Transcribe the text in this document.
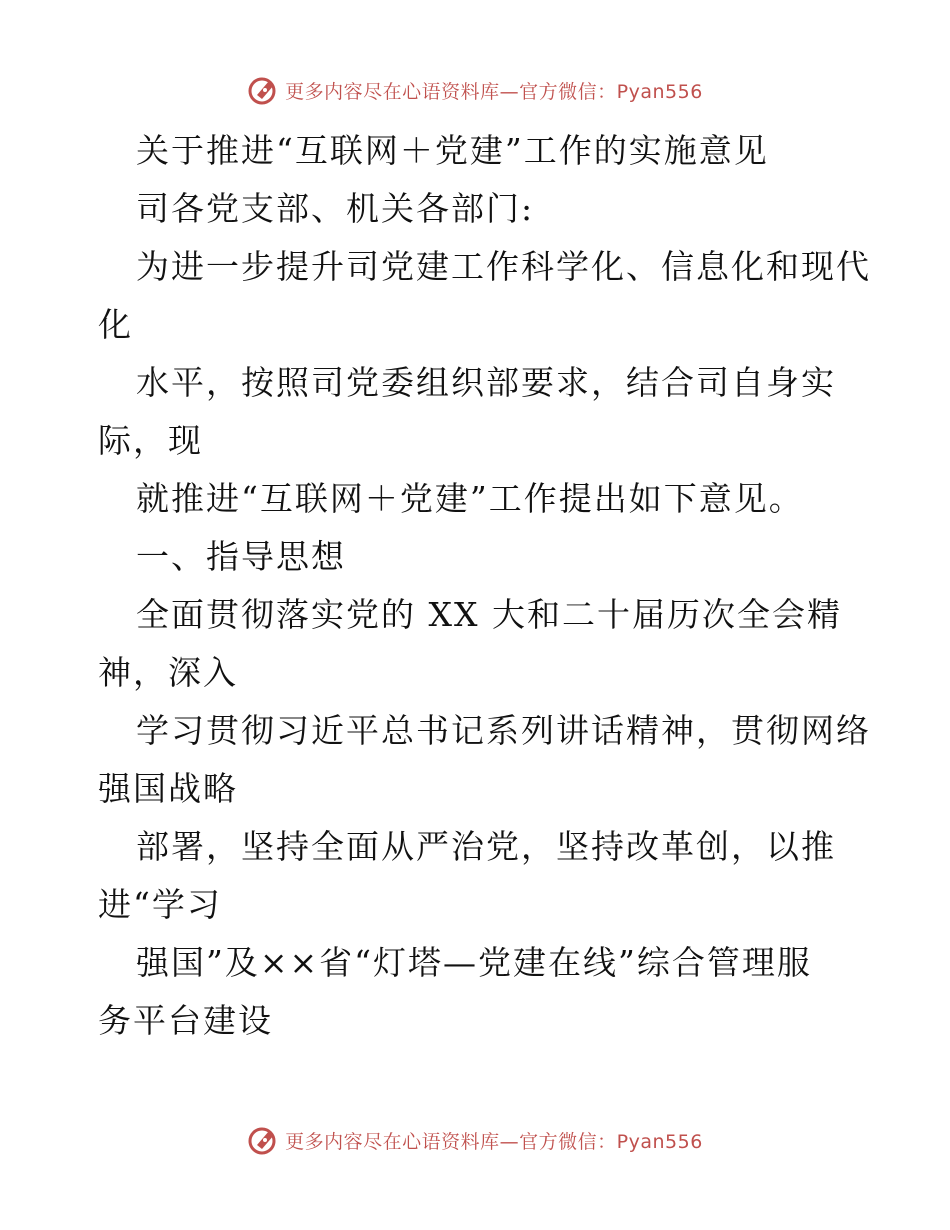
更多内容尽在心语资料库—官方微信：Pyan556
关于推进“互联网＋党建”工作的实施意见
司各党支部、机关各部门:
为进一步提升司党建工作科学化、信息化和现代
化
水平，按照司党委组织部要求，结合司自身实
际，现
就推进“互联网＋党建”工作提出如下意见。
一、指导思想
全面贯彻落实党的 XX 大和二十届历次全会精
神，深入
学习贯彻习近平总书记系列讲话精神，贯彻网络
强国战略
部署，坚持全面从严治党，坚持改革创，以推
进“学习
强国”及××省“灯塔—党建在线”综合管理服
务平台建设
更多内容尽在心语资料库—官方微信：Pyan556
